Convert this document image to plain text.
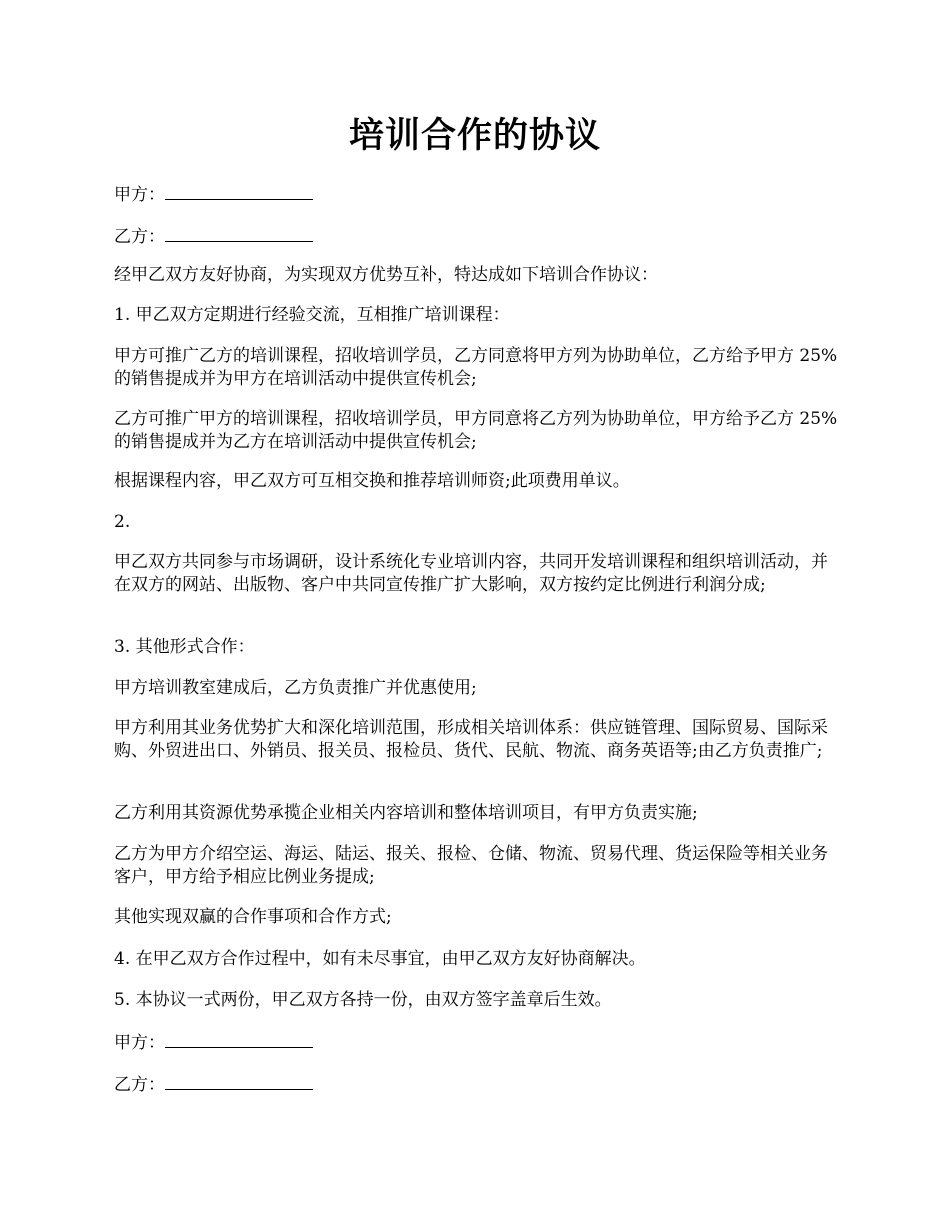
培训合作的协议

甲方：

乙方：

经甲乙双方友好协商，为实现双方优势互补，特达成如下培训合作协议：

1. 甲乙双方定期进行经验交流，互相推广培训课程：

甲方可推广乙方的培训课程，招收培训学员，乙方同意将甲方列为协助单位，乙方给予甲方 25%的销售提成并为甲方在培训活动中提供宣传机会;

乙方可推广甲方的培训课程，招收培训学员，甲方同意将乙方列为协助单位，甲方给予乙方 25%的销售提成并为乙方在培训活动中提供宣传机会;

根据课程内容，甲乙双方可互相交换和推荐培训师资;此项费用单议。

2.

甲乙双方共同参与市场调研，设计系统化专业培训内容，共同开发培训课程和组织培训活动，并在双方的网站、出版物、客户中共同宣传推广扩大影响，双方按约定比例进行利润分成;

3. 其他形式合作：

甲方培训教室建成后，乙方负责推广并优惠使用;

甲方利用其业务优势扩大和深化培训范围，形成相关培训体系：供应链管理、国际贸易、国际采购、外贸进出口、外销员、报关员、报检员、货代、民航、物流、商务英语等;由乙方负责推广;

乙方利用其资源优势承揽企业相关内容培训和整体培训项目，有甲方负责实施;

乙方为甲方介绍空运、海运、陆运、报关、报检、仓储、物流、贸易代理、货运保险等相关业务客户，甲方给予相应比例业务提成;

其他实现双赢的合作事项和合作方式;

4. 在甲乙双方合作过程中，如有未尽事宜，由甲乙双方友好协商解决。

5. 本协议一式两份，甲乙双方各持一份，由双方签字盖章后生效。

甲方：

乙方：
